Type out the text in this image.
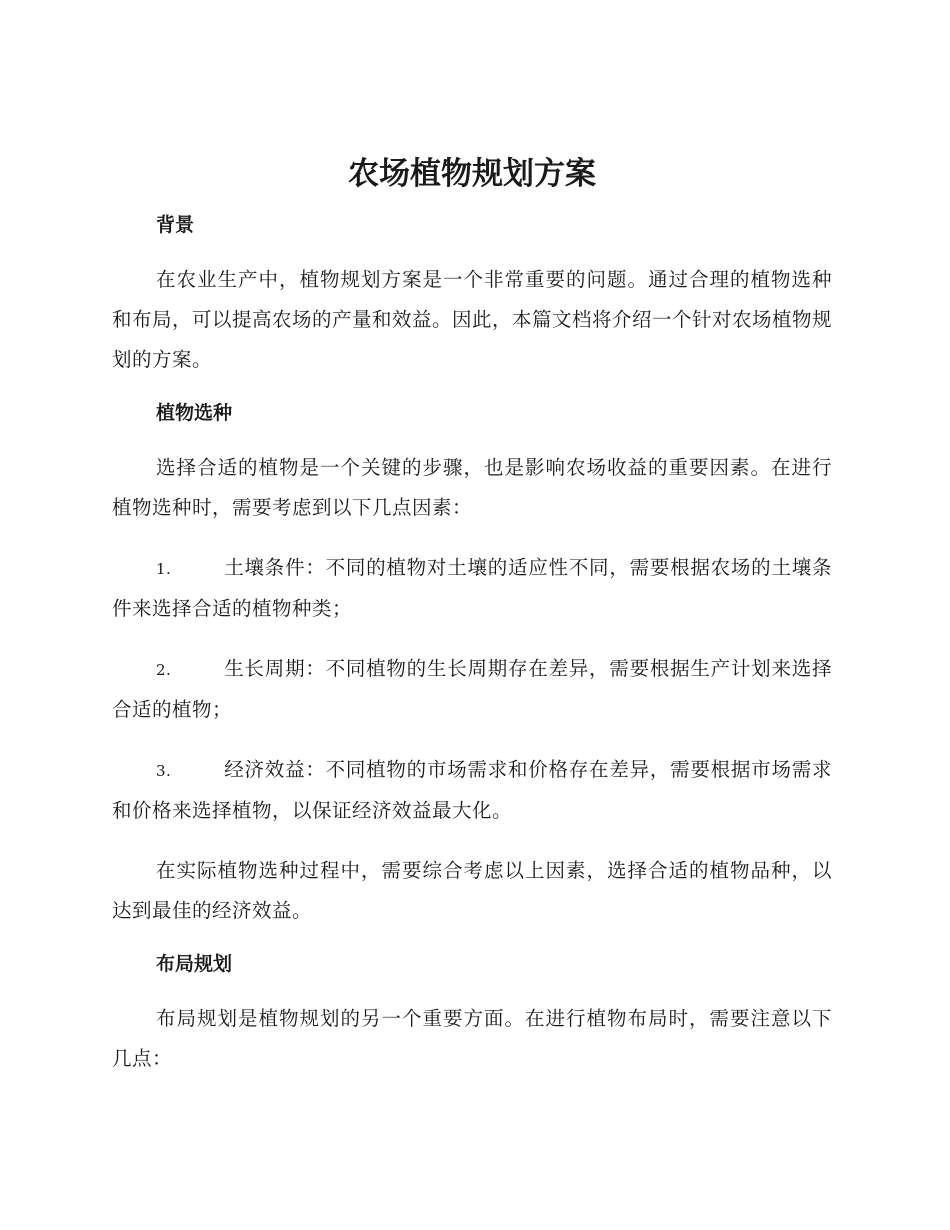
农场植物规划方案
背景

在农业生产中，植物规划方案是一个非常重要的问题。通过合理的植物选种和布局，可以提高农场的产量和效益。因此，本篇文档将介绍一个针对农场植物规划的方案。

植物选种

选择合适的植物是一个关键的步骤，也是影响农场收益的重要因素。在进行植物选种时，需要考虑到以下几点因素：

1.	土壤条件：不同的植物对土壤的适应性不同，需要根据农场的土壤条件来选择合适的植物种类；

2.	生长周期：不同植物的生长周期存在差异，需要根据生产计划来选择合适的植物；

3.	经济效益：不同植物的市场需求和价格存在差异，需要根据市场需求和价格来选择植物，以保证经济效益最大化。

在实际植物选种过程中，需要综合考虑以上因素，选择合适的植物品种，以达到最佳的经济效益。

布局规划

布局规划是植物规划的另一个重要方面。在进行植物布局时，需要注意以下几点：
